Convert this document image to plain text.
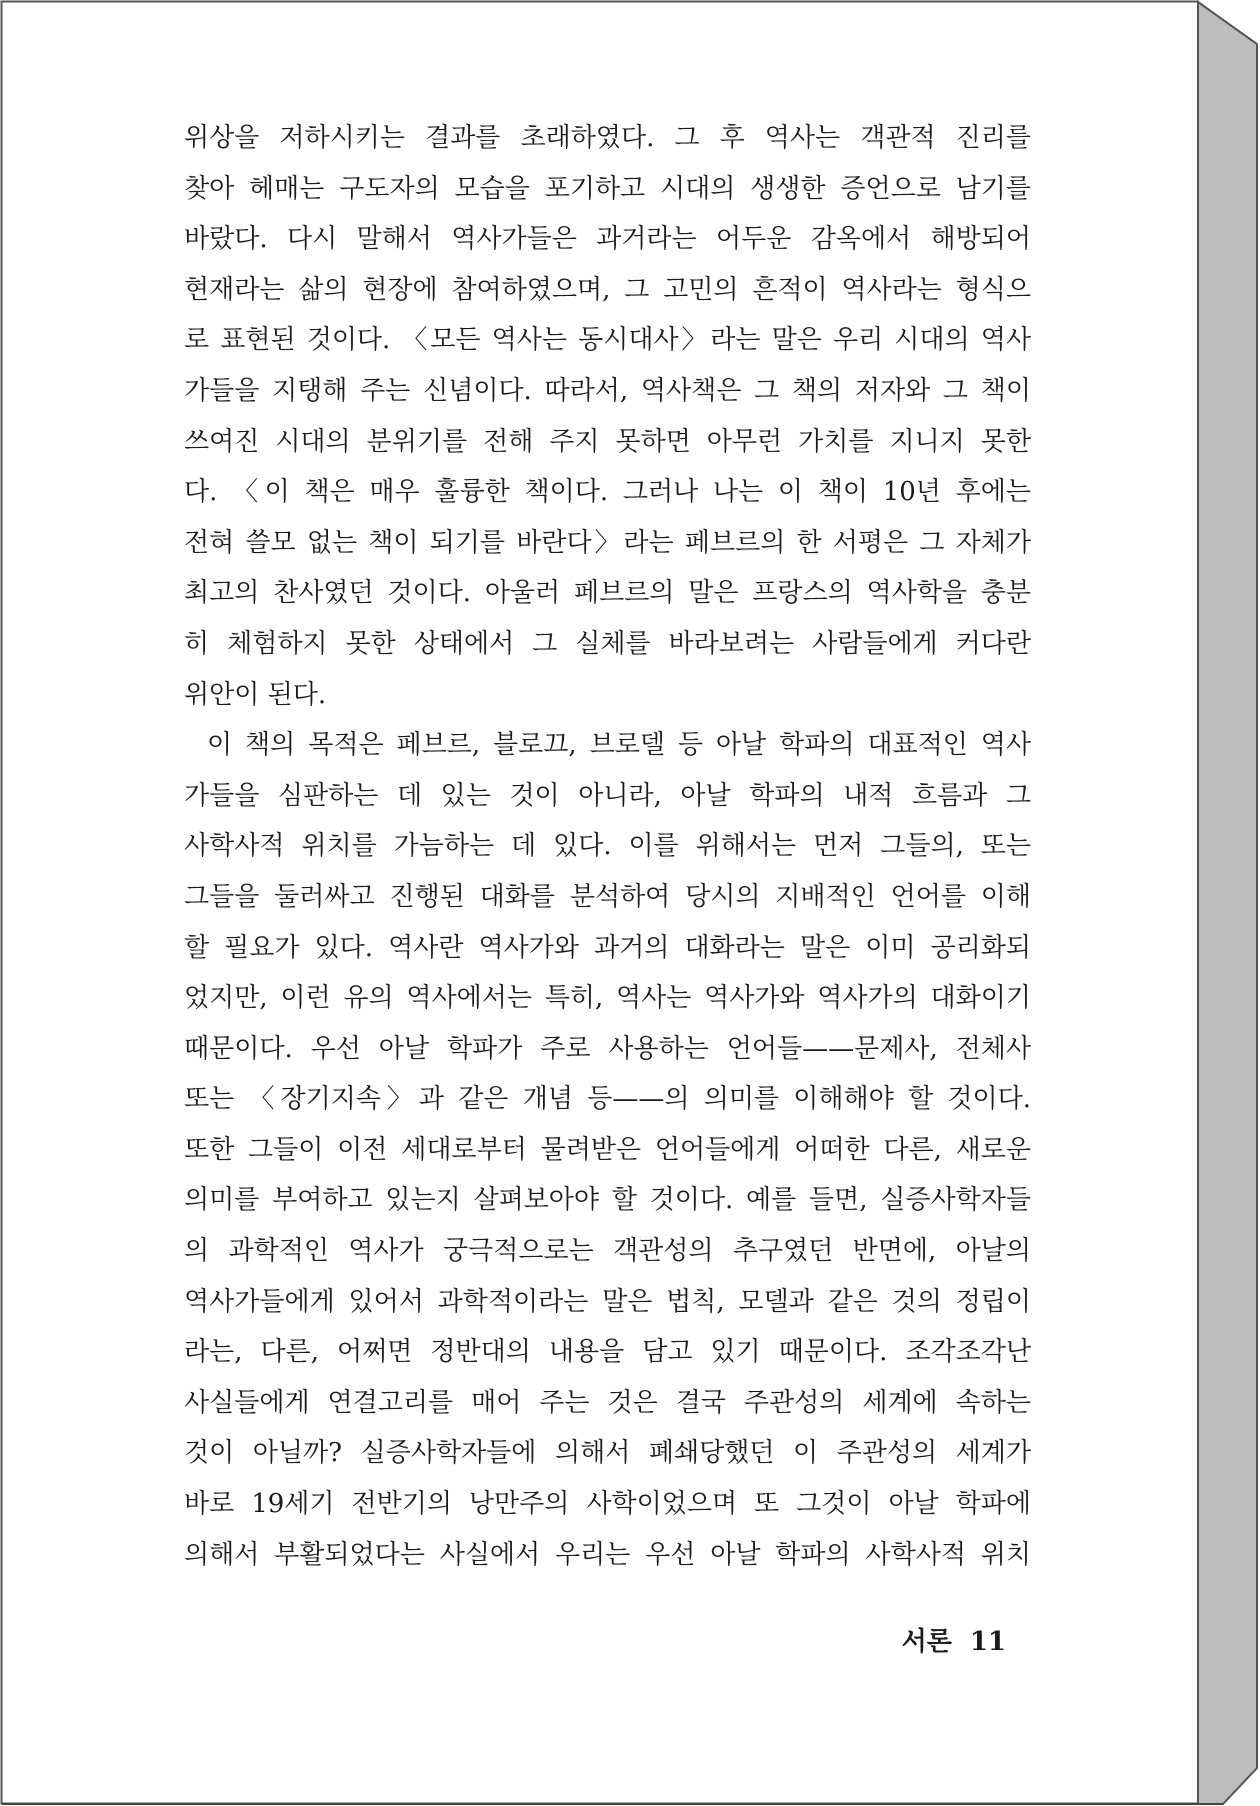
위상을 저하시키는 결과를 초래하였다. 그 후 역사는 객관적 진리를
찾아 헤매는 구도자의 모습을 포기하고 시대의 생생한 증언으로 남기를
바랐다. 다시 말해서 역사가들은 과거라는 어두운 감옥에서 해방되어
현재라는 삶의 현장에 참여하였으며, 그 고민의 흔적이 역사라는 형식으
로 표현된 것이다. 〈모든 역사는 동시대사〉라는 말은 우리 시대의 역사
가들을 지탱해 주는 신념이다. 따라서, 역사책은 그 책의 저자와 그 책이
쓰여진 시대의 분위기를 전해 주지 못하면 아무런 가치를 지니지 못한
다. 〈이 책은 매우 훌륭한 책이다. 그러나 나는 이 책이 10년 후에는
전혀 쓸모 없는 책이 되기를 바란다〉라는 페브르의 한 서평은 그 자체가
최고의 찬사였던 것이다. 아울러 페브르의 말은 프랑스의 역사학을 충분
히 체험하지 못한 상태에서 그 실체를 바라보려는 사람들에게 커다란
위안이 된다.
이 책의 목적은 페브르, 블로끄, 브로델 등 아날 학파의 대표적인 역사
가들을 심판하는 데 있는 것이 아니라, 아날 학파의 내적 흐름과 그
사학사적 위치를 가늠하는 데 있다. 이를 위해서는 먼저 그들의, 또는
그들을 둘러싸고 진행된 대화를 분석하여 당시의 지배적인 언어를 이해
할 필요가 있다. 역사란 역사가와 과거의 대화라는 말은 이미 공리화되
었지만, 이런 유의 역사에서는 특히, 역사는 역사가와 역사가의 대화이기
때문이다. 우선 아날 학파가 주로 사용하는 언어들——문제사, 전체사
또는 〈장기지속〉과 같은 개념 등——의 의미를 이해해야 할 것이다.
또한 그들이 이전 세대로부터 물려받은 언어들에게 어떠한 다른, 새로운
의미를 부여하고 있는지 살펴보아야 할 것이다. 예를 들면, 실증사학자들
의 과학적인 역사가 궁극적으로는 객관성의 추구였던 반면에, 아날의
역사가들에게 있어서 과학적이라는 말은 법칙, 모델과 같은 것의 정립이
라는, 다른, 어쩌면 정반대의 내용을 담고 있기 때문이다. 조각조각난
사실들에게 연결고리를 매어 주는 것은 결국 주관성의 세계에 속하는
것이 아닐까? 실증사학자들에 의해서 폐쇄당했던 이 주관성의 세계가
바로 19세기 전반기의 낭만주의 사학이었으며 또 그것이 아날 학파에
의해서 부활되었다는 사실에서 우리는 우선 아날 학파의 사학사적 위치
서론 11
